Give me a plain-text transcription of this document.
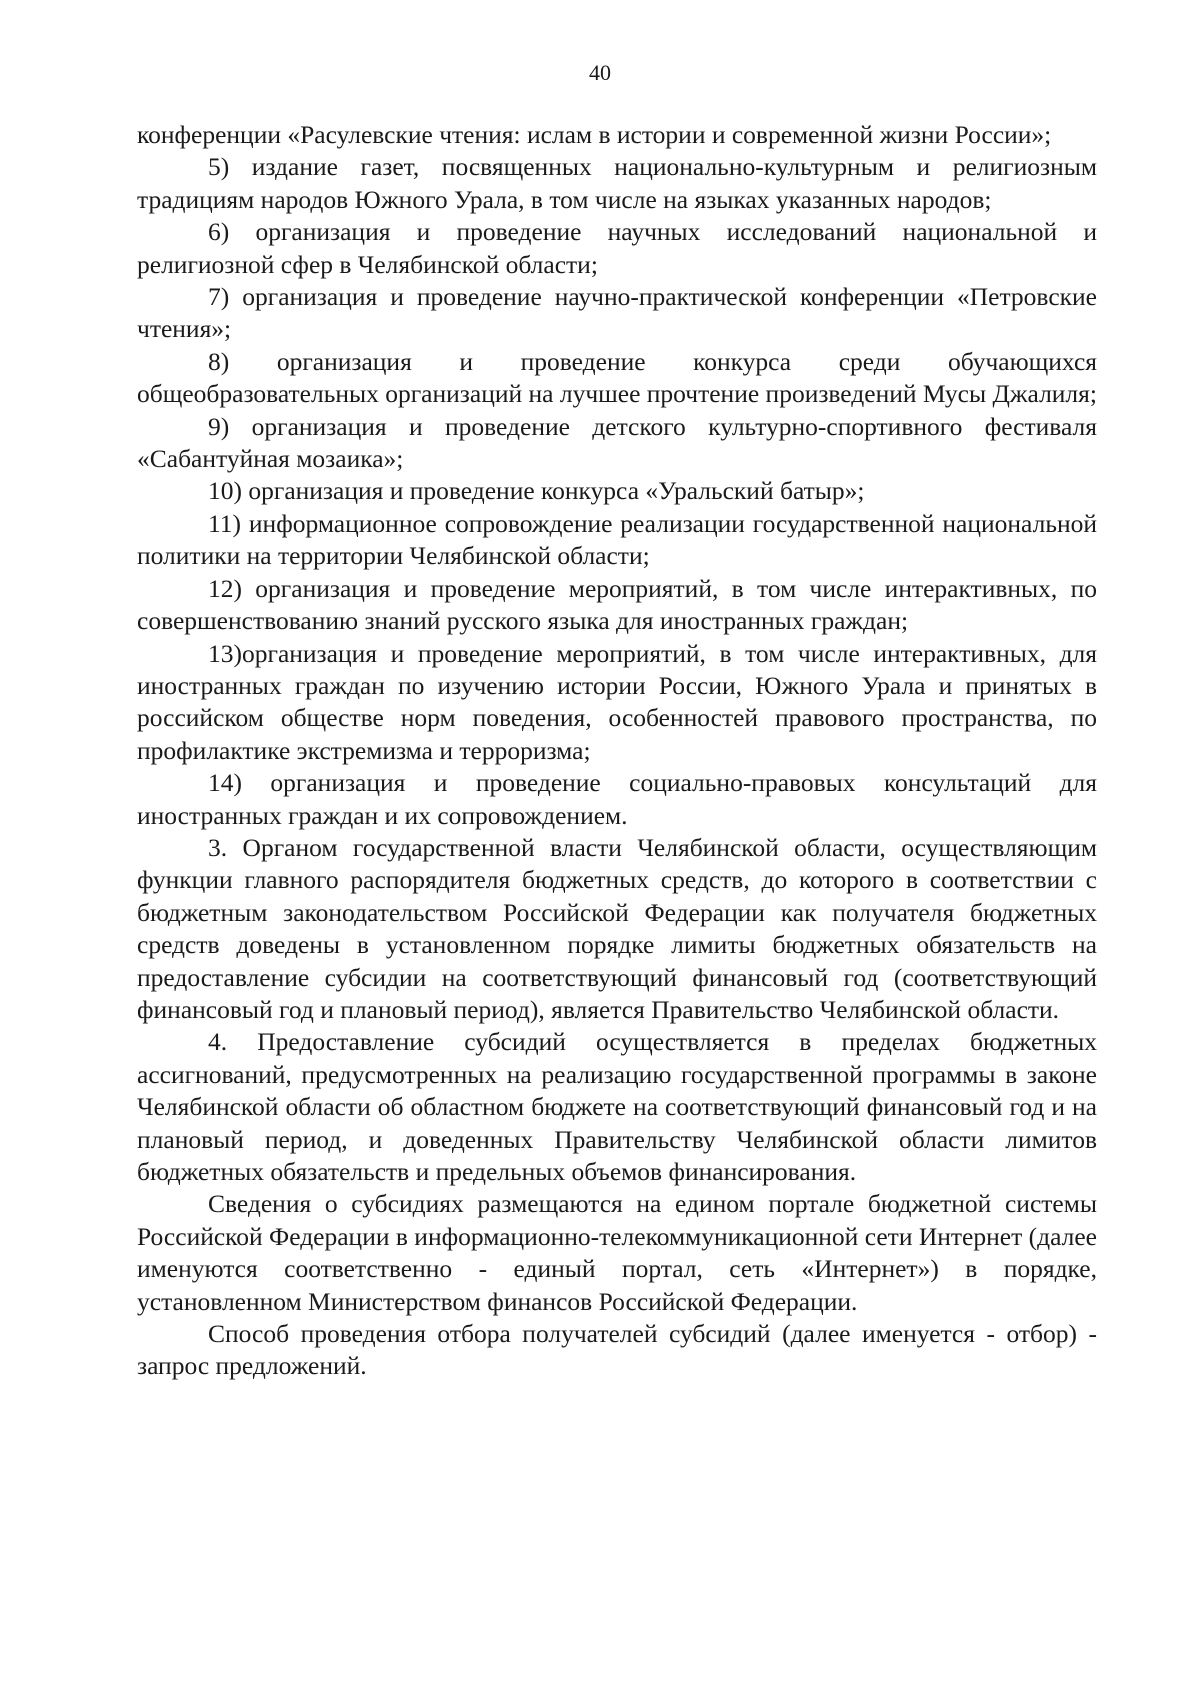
40

конференции «Расулевские чтения: ислам в истории и современной жизни России»;

5) издание газет, посвященных национально-культурным и религиозным традициям народов Южного Урала, в том числе на языках указанных народов;

6) организация и проведение научных исследований национальной и религиозной сфер в Челябинской области;

7) организация и проведение научно-практической конференции «Петровские чтения»;

8) организация и проведение конкурса среди обучающихся общеобразовательных организаций на лучшее прочтение произведений Мусы Джалиля;

9) организация и проведение детского культурно-спортивного фестиваля «Сабантуйная мозаика»;

10) организация и проведение конкурса «Уральский батыр»;

11) информационное сопровождение реализации государственной национальной политики на территории Челябинской области;

12) организация и проведение мероприятий, в том числе интерактивных, по совершенствованию знаний русского языка для иностранных граждан;

13)организация и проведение мероприятий, в том числе интерактивных, для иностранных граждан по изучению истории России, Южного Урала и принятых в российском обществе норм поведения, особенностей правового пространства, по профилактике экстремизма и терроризма;

14) организация и проведение социально-правовых консультаций для иностранных граждан и их сопровождением.

3. Органом государственной власти Челябинской области, осуществляющим функции главного распорядителя бюджетных средств, до которого в соответствии с бюджетным законодательством Российской Федерации как получателя бюджетных средств доведены в установленном порядке лимиты бюджетных обязательств на предоставление субсидии на соответствующий финансовый год (соответствующий финансовый год и плановый период), является Правительство Челябинской области.

4. Предоставление субсидий осуществляется в пределах бюджетных ассигнований, предусмотренных на реализацию государственной программы в законе Челябинской области об областном бюджете на соответствующий финансовый год и на плановый период, и доведенных Правительству Челябинской области лимитов бюджетных обязательств и предельных объемов финансирования.

Сведения о субсидиях размещаются на едином портале бюджетной системы Российской Федерации в информационно-телекоммуникационной сети Интернет (далее именуются соответственно - единый портал, сеть «Интернет») в порядке, установленном Министерством финансов Российской Федерации.

Способ проведения отбора получателей субсидий (далее именуется - отбор) - запрос предложений.
